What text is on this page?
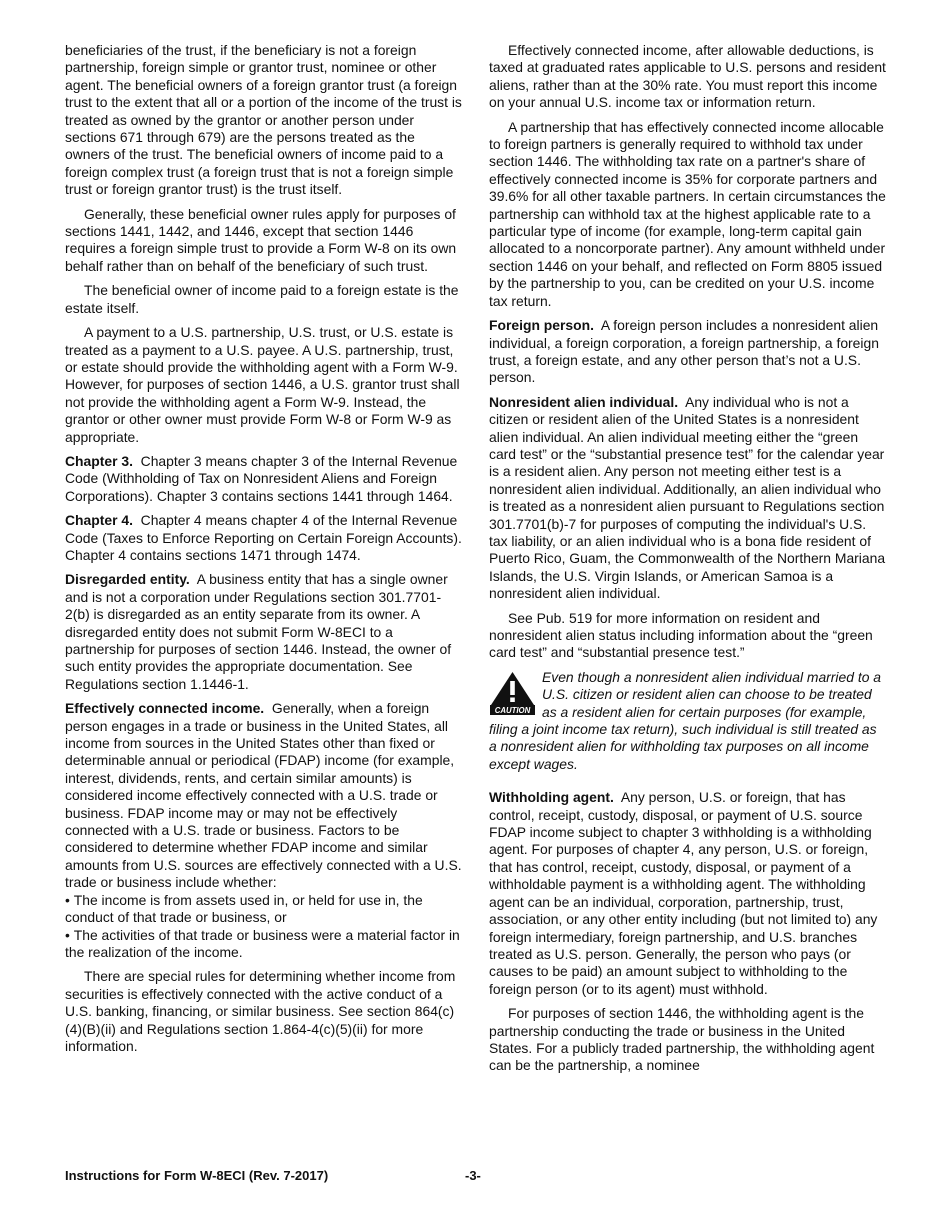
beneficiaries of the trust, if the beneficiary is not a foreign partnership, foreign simple or grantor trust, nominee or other agent. The beneficial owners of a foreign grantor trust (a foreign trust to the extent that all or a portion of the income of the trust is treated as owned by the grantor or another person under sections 671 through 679) are the persons treated as the owners of the trust. The beneficial owners of income paid to a foreign complex trust (a foreign trust that is not a foreign simple trust or foreign grantor trust) is the trust itself.

Generally, these beneficial owner rules apply for purposes of sections 1441, 1442, and 1446, except that section 1446 requires a foreign simple trust to provide a Form W-8 on its own behalf rather than on behalf of the beneficiary of such trust.

The beneficial owner of income paid to a foreign estate is the estate itself.

A payment to a U.S. partnership, U.S. trust, or U.S. estate is treated as a payment to a U.S. payee. A U.S. partnership, trust, or estate should provide the withholding agent with a Form W-9. However, for purposes of section 1446, a U.S. grantor trust shall not provide the withholding agent a Form W-9. Instead, the grantor or other owner must provide Form W-8 or Form W-9 as appropriate.

Chapter 3. Chapter 3 means chapter 3 of the Internal Revenue Code (Withholding of Tax on Nonresident Aliens and Foreign Corporations). Chapter 3 contains sections 1441 through 1464.

Chapter 4. Chapter 4 means chapter 4 of the Internal Revenue Code (Taxes to Enforce Reporting on Certain Foreign Accounts). Chapter 4 contains sections 1471 through 1474.

Disregarded entity. A business entity that has a single owner and is not a corporation under Regulations section 301.7701-2(b) is disregarded as an entity separate from its owner. A disregarded entity does not submit Form W-8ECI to a partnership for purposes of section 1446. Instead, the owner of such entity provides the appropriate documentation. See Regulations section 1.1446-1.

Effectively connected income. Generally, when a foreign person engages in a trade or business in the United States, all income from sources in the United States other than fixed or determinable annual or periodical (FDAP) income (for example, interest, dividends, rents, and certain similar amounts) is considered income effectively connected with a U.S. trade or business. FDAP income may or may not be effectively connected with a U.S. trade or business. Factors to be considered to determine whether FDAP income and similar amounts from U.S. sources are effectively connected with a U.S. trade or business include whether:

• The income is from assets used in, or held for use in, the conduct of that trade or business, or

• The activities of that trade or business were a material factor in the realization of the income.

There are special rules for determining whether income from securities is effectively connected with the active conduct of a U.S. banking, financing, or similar business. See section 864(c)(4)(B)(ii) and Regulations section 1.864-4(c)(5)(ii) for more information.

Effectively connected income, after allowable deductions, is taxed at graduated rates applicable to U.S. persons and resident aliens, rather than at the 30% rate. You must report this income on your annual U.S. income tax or information return.

A partnership that has effectively connected income allocable to foreign partners is generally required to withhold tax under section 1446. The withholding tax rate on a partner's share of effectively connected income is 35% for corporate partners and 39.6% for all other taxable partners. In certain circumstances the partnership can withhold tax at the highest applicable rate to a particular type of income (for example, long-term capital gain allocated to a noncorporate partner). Any amount withheld under section 1446 on your behalf, and reflected on Form 8805 issued by the partnership to you, can be credited on your U.S. income tax return.

Foreign person. A foreign person includes a nonresident alien individual, a foreign corporation, a foreign partnership, a foreign trust, a foreign estate, and any other person that’s not a U.S. person.

Nonresident alien individual. Any individual who is not a citizen or resident alien of the United States is a nonresident alien individual. An alien individual meeting either the “green card test” or the “substantial presence test” for the calendar year is a resident alien. Any person not meeting either test is a nonresident alien individual. Additionally, an alien individual who is treated as a nonresident alien pursuant to Regulations section 301.7701(b)-7 for purposes of computing the individual's U.S. tax liability, or an alien individual who is a bona fide resident of Puerto Rico, Guam, the Commonwealth of the Northern Mariana Islands, the U.S. Virgin Islands, or American Samoa is a nonresident alien individual.

See Pub. 519 for more information on resident and nonresident alien status including information about the “green card test” and “substantial presence test.”

CAUTION
Even though a nonresident alien individual married to a U.S. citizen or resident alien can choose to be treated as a resident alien for certain purposes (for example, filing a joint income tax return), such individual is still treated as a nonresident alien for withholding tax purposes on all income except wages.

Withholding agent. Any person, U.S. or foreign, that has control, receipt, custody, disposal, or payment of U.S. source FDAP income subject to chapter 3 withholding is a withholding agent. For purposes of chapter 4, any person, U.S. or foreign, that has control, receipt, custody, disposal, or payment of a withholdable payment is a withholding agent. The withholding agent can be an individual, corporation, partnership, trust, association, or any other entity including (but not limited to) any foreign intermediary, foreign partnership, and U.S. branches treated as U.S. person. Generally, the person who pays (or causes to be paid) an amount subject to withholding to the foreign person (or to its agent) must withhold.

For purposes of section 1446, the withholding agent is the partnership conducting the trade or business in the United States. For a publicly traded partnership, the withholding agent can be the partnership, a nominee

Instructions for Form W-8ECI (Rev. 7-2017)	-3-
